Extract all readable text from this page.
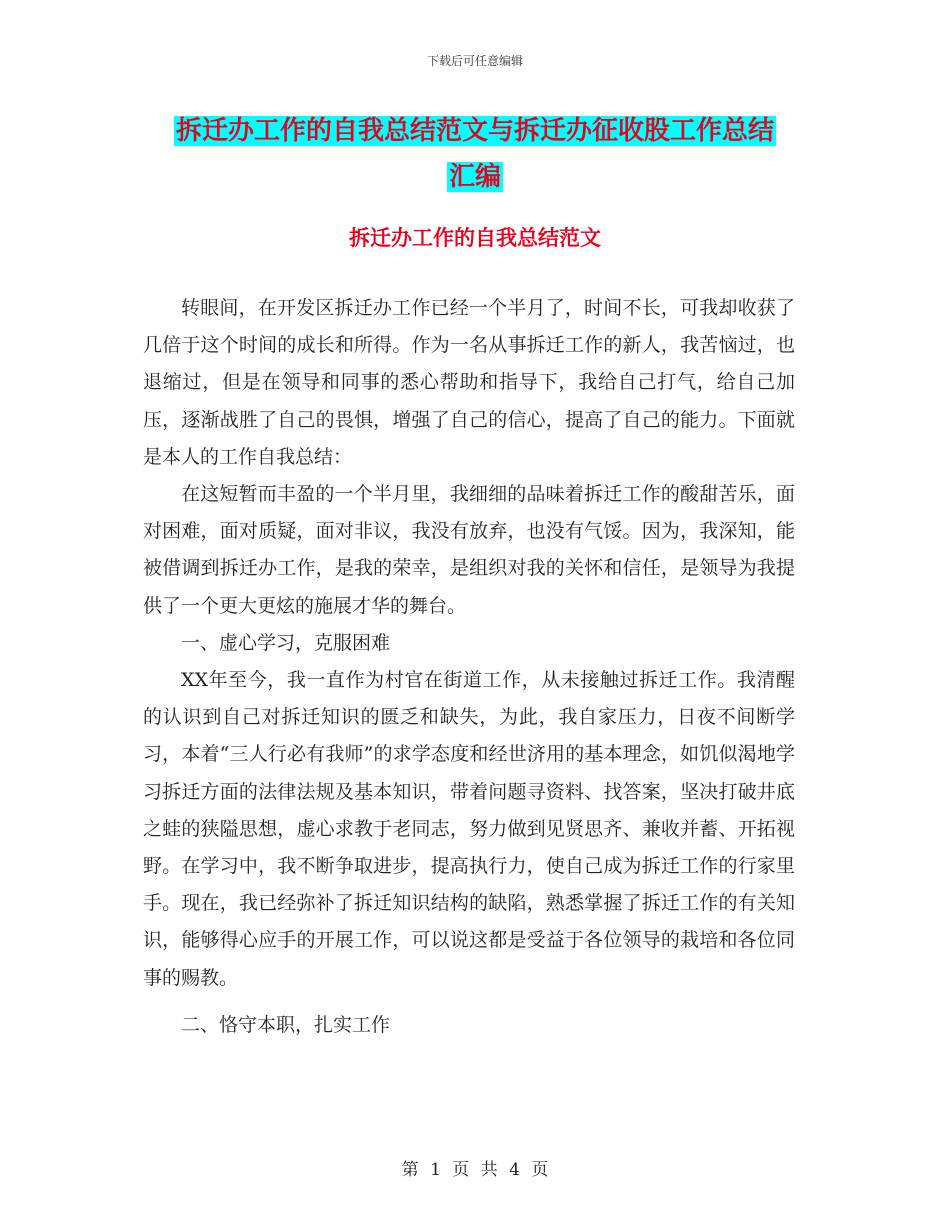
下载后可任意编辑
拆迁办工作的自我总结范文与拆迁办征收股工作总结
汇编
拆迁办工作的自我总结范文

转眼间，在开发区拆迁办工作已经一个半月了，时间不长，可我却收获了几倍于这个时间的成长和所得。作为一名从事拆迁工作的新人，我苦恼过，也退缩过，但是在领导和同事的悉心帮助和指导下，我给自己打气，给自己加压，逐渐战胜了自己的畏惧，增强了自己的信心，提高了自己的能力。下面就是本人的工作自我总结：

在这短暂而丰盈的一个半月里，我细细的品味着拆迁工作的酸甜苦乐，面对困难，面对质疑，面对非议，我没有放弃，也没有气馁。因为，我深知，能被借调到拆迁办工作，是我的荣幸，是组织对我的关怀和信任，是领导为我提供了一个更大更炫的施展才华的舞台。

一、虚心学习，克服困难

XX年至今，我一直作为村官在街道工作，从未接触过拆迁工作。我清醒的认识到自己对拆迁知识的匮乏和缺失，为此，我自家压力，日夜不间断学习，本着“三人行必有我师”的求学态度和经世济用的基本理念，如饥似渴地学习拆迁方面的法律法规及基本知识，带着问题寻资料、找答案，坚决打破井底之蛙的狭隘思想，虚心求教于老同志，努力做到见贤思齐、兼收并蓄、开拓视野。在学习中，我不断争取进步，提高执行力，使自己成为拆迁工作的行家里手。现在，我已经弥补了拆迁知识结构的缺陷，熟悉掌握了拆迁工作的有关知识，能够得心应手的开展工作，可以说这都是受益于各位领导的栽培和各位同事的赐教。

二、恪守本职，扎实工作

第 1 页 共 4 页
